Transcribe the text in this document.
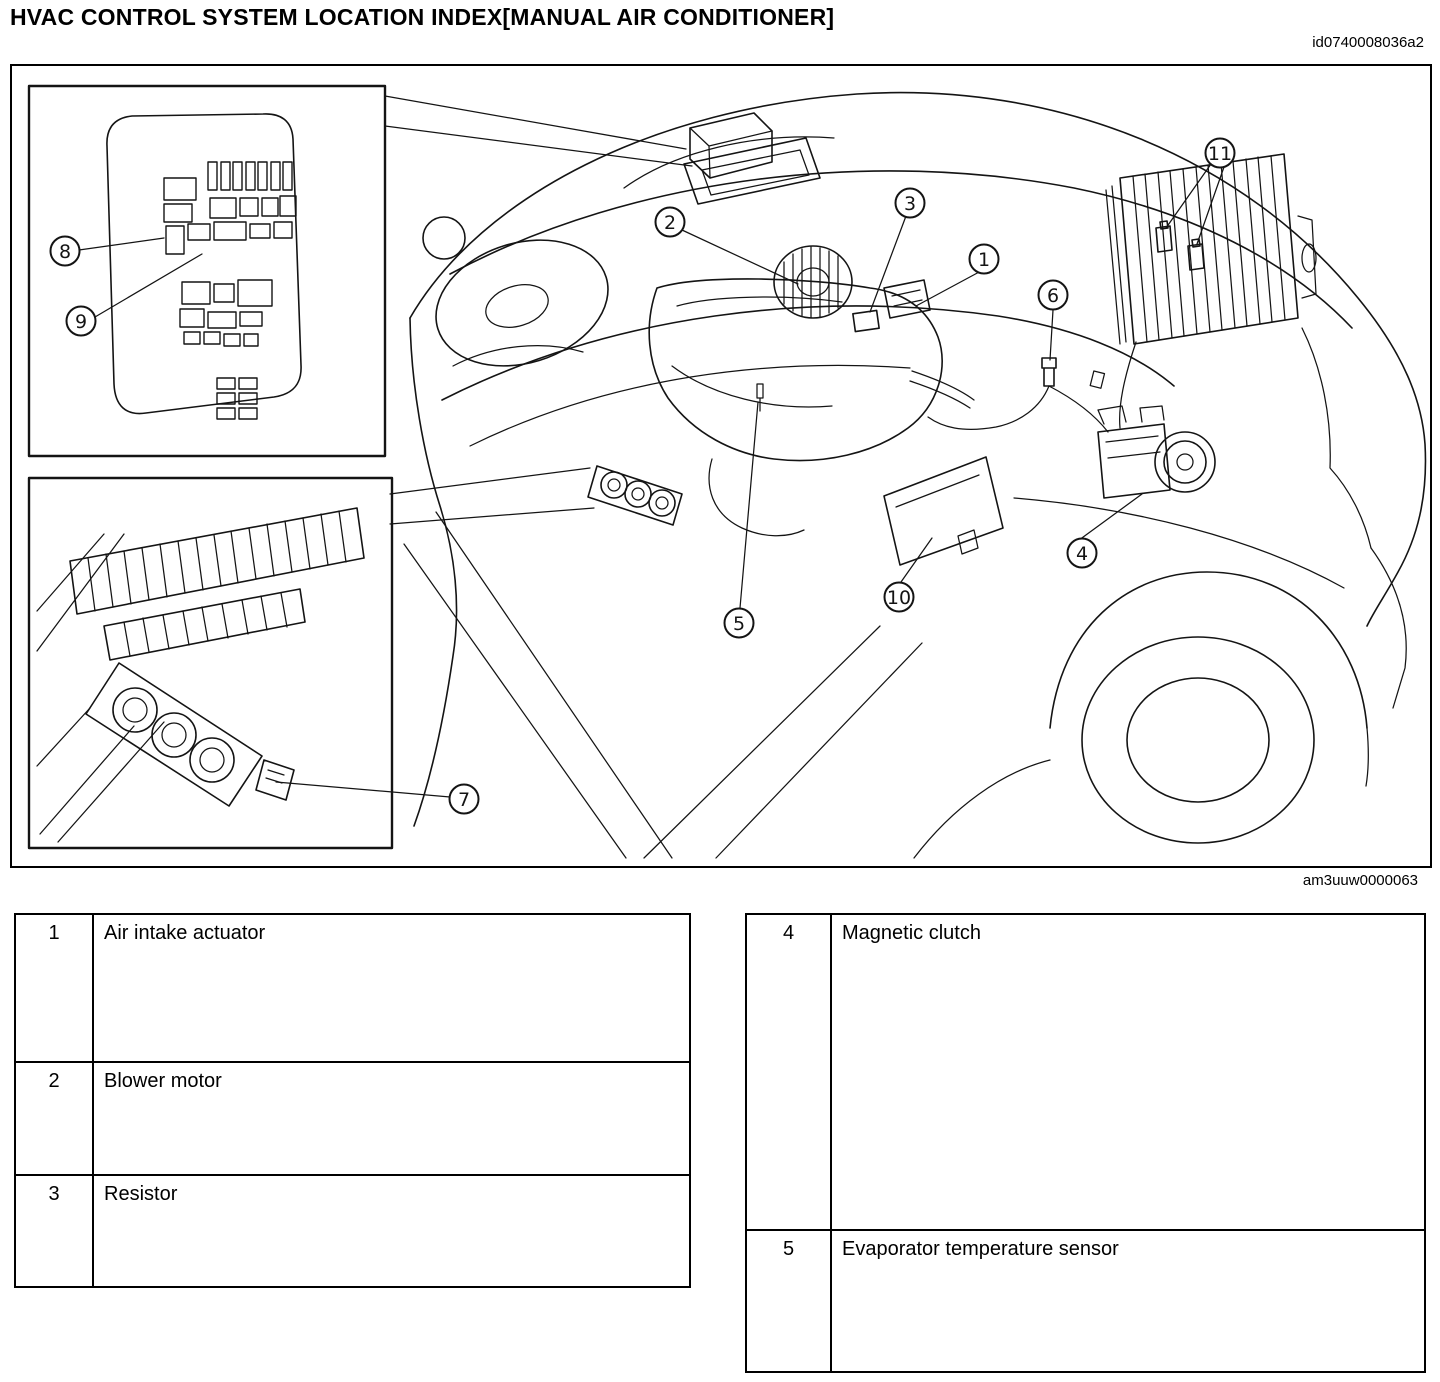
HVAC CONTROL SYSTEM LOCATION INDEX[MANUAL AIR CONDITIONER]
id0740008036a2
1
2
3
4
5
6
7
8
9
10
11
am3uuw0000063
1	Air intake actuator
2	Blower motor
3	Resistor
4	Magnetic clutch
5	Evaporator temperature sensor
